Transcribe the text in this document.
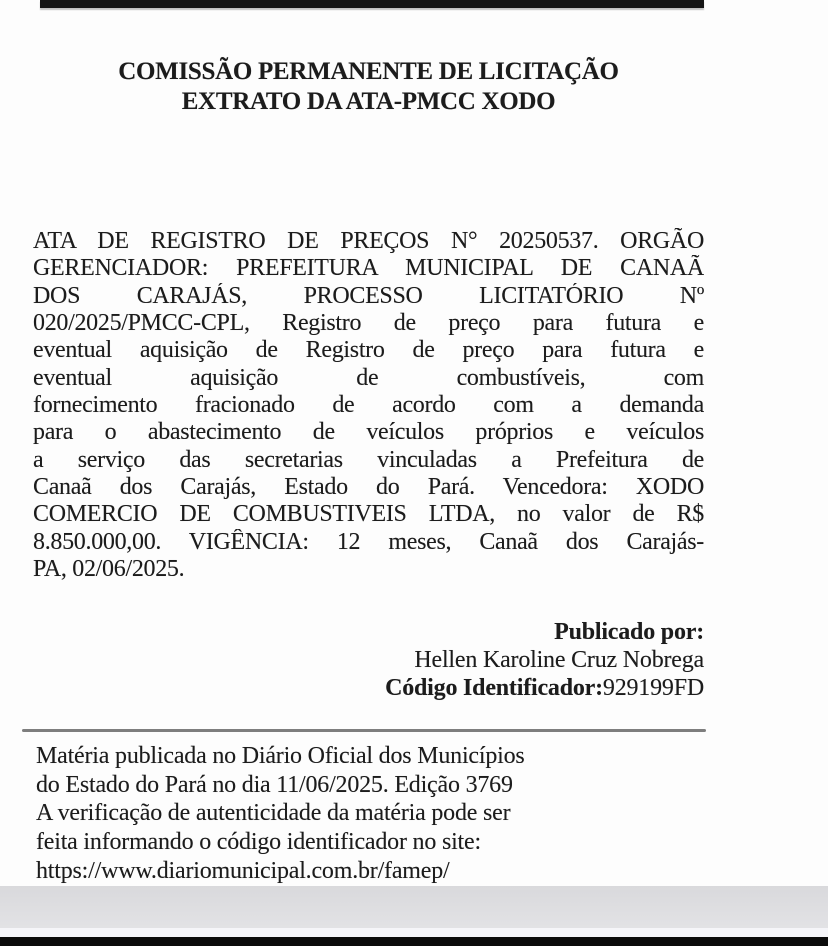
COMISSÃO PERMANENTE DE LICITAÇÃO
EXTRATO DA ATA-PMCC XODO
ATA DE REGISTRO DE PREÇOS N° 20250537. ORGÃO
GERENCIADOR: PREFEITURA MUNICIPAL DE CANAÃ
DOS CARAJÁS, PROCESSO LICITATÓRIO Nº
020/2025/PMCC-CPL, Registro de preço para futura e
eventual aquisição de Registro de preço para futura e
eventual aquisição de combustíveis, com
fornecimento fracionado de acordo com a demanda
para o abastecimento de veículos próprios e veículos
a serviço das secretarias vinculadas a Prefeitura de
Canaã dos Carajás, Estado do Pará. Vencedora: XODO
COMERCIO DE COMBUSTIVEIS LTDA, no valor de R$
8.850.000,00. VIGÊNCIA: 12 meses, Canaã dos Carajás-
PA, 02/06/2025.
Publicado por:
Hellen Karoline Cruz Nobrega
Código Identificador:929199FD
Matéria publicada no Diário Oficial dos Municípios
do Estado do Pará no dia 11/06/2025. Edição 3769
A verificação de autenticidade da matéria pode ser
feita informando o código identificador no site:
https://www.diariomunicipal.com.br/famep/
